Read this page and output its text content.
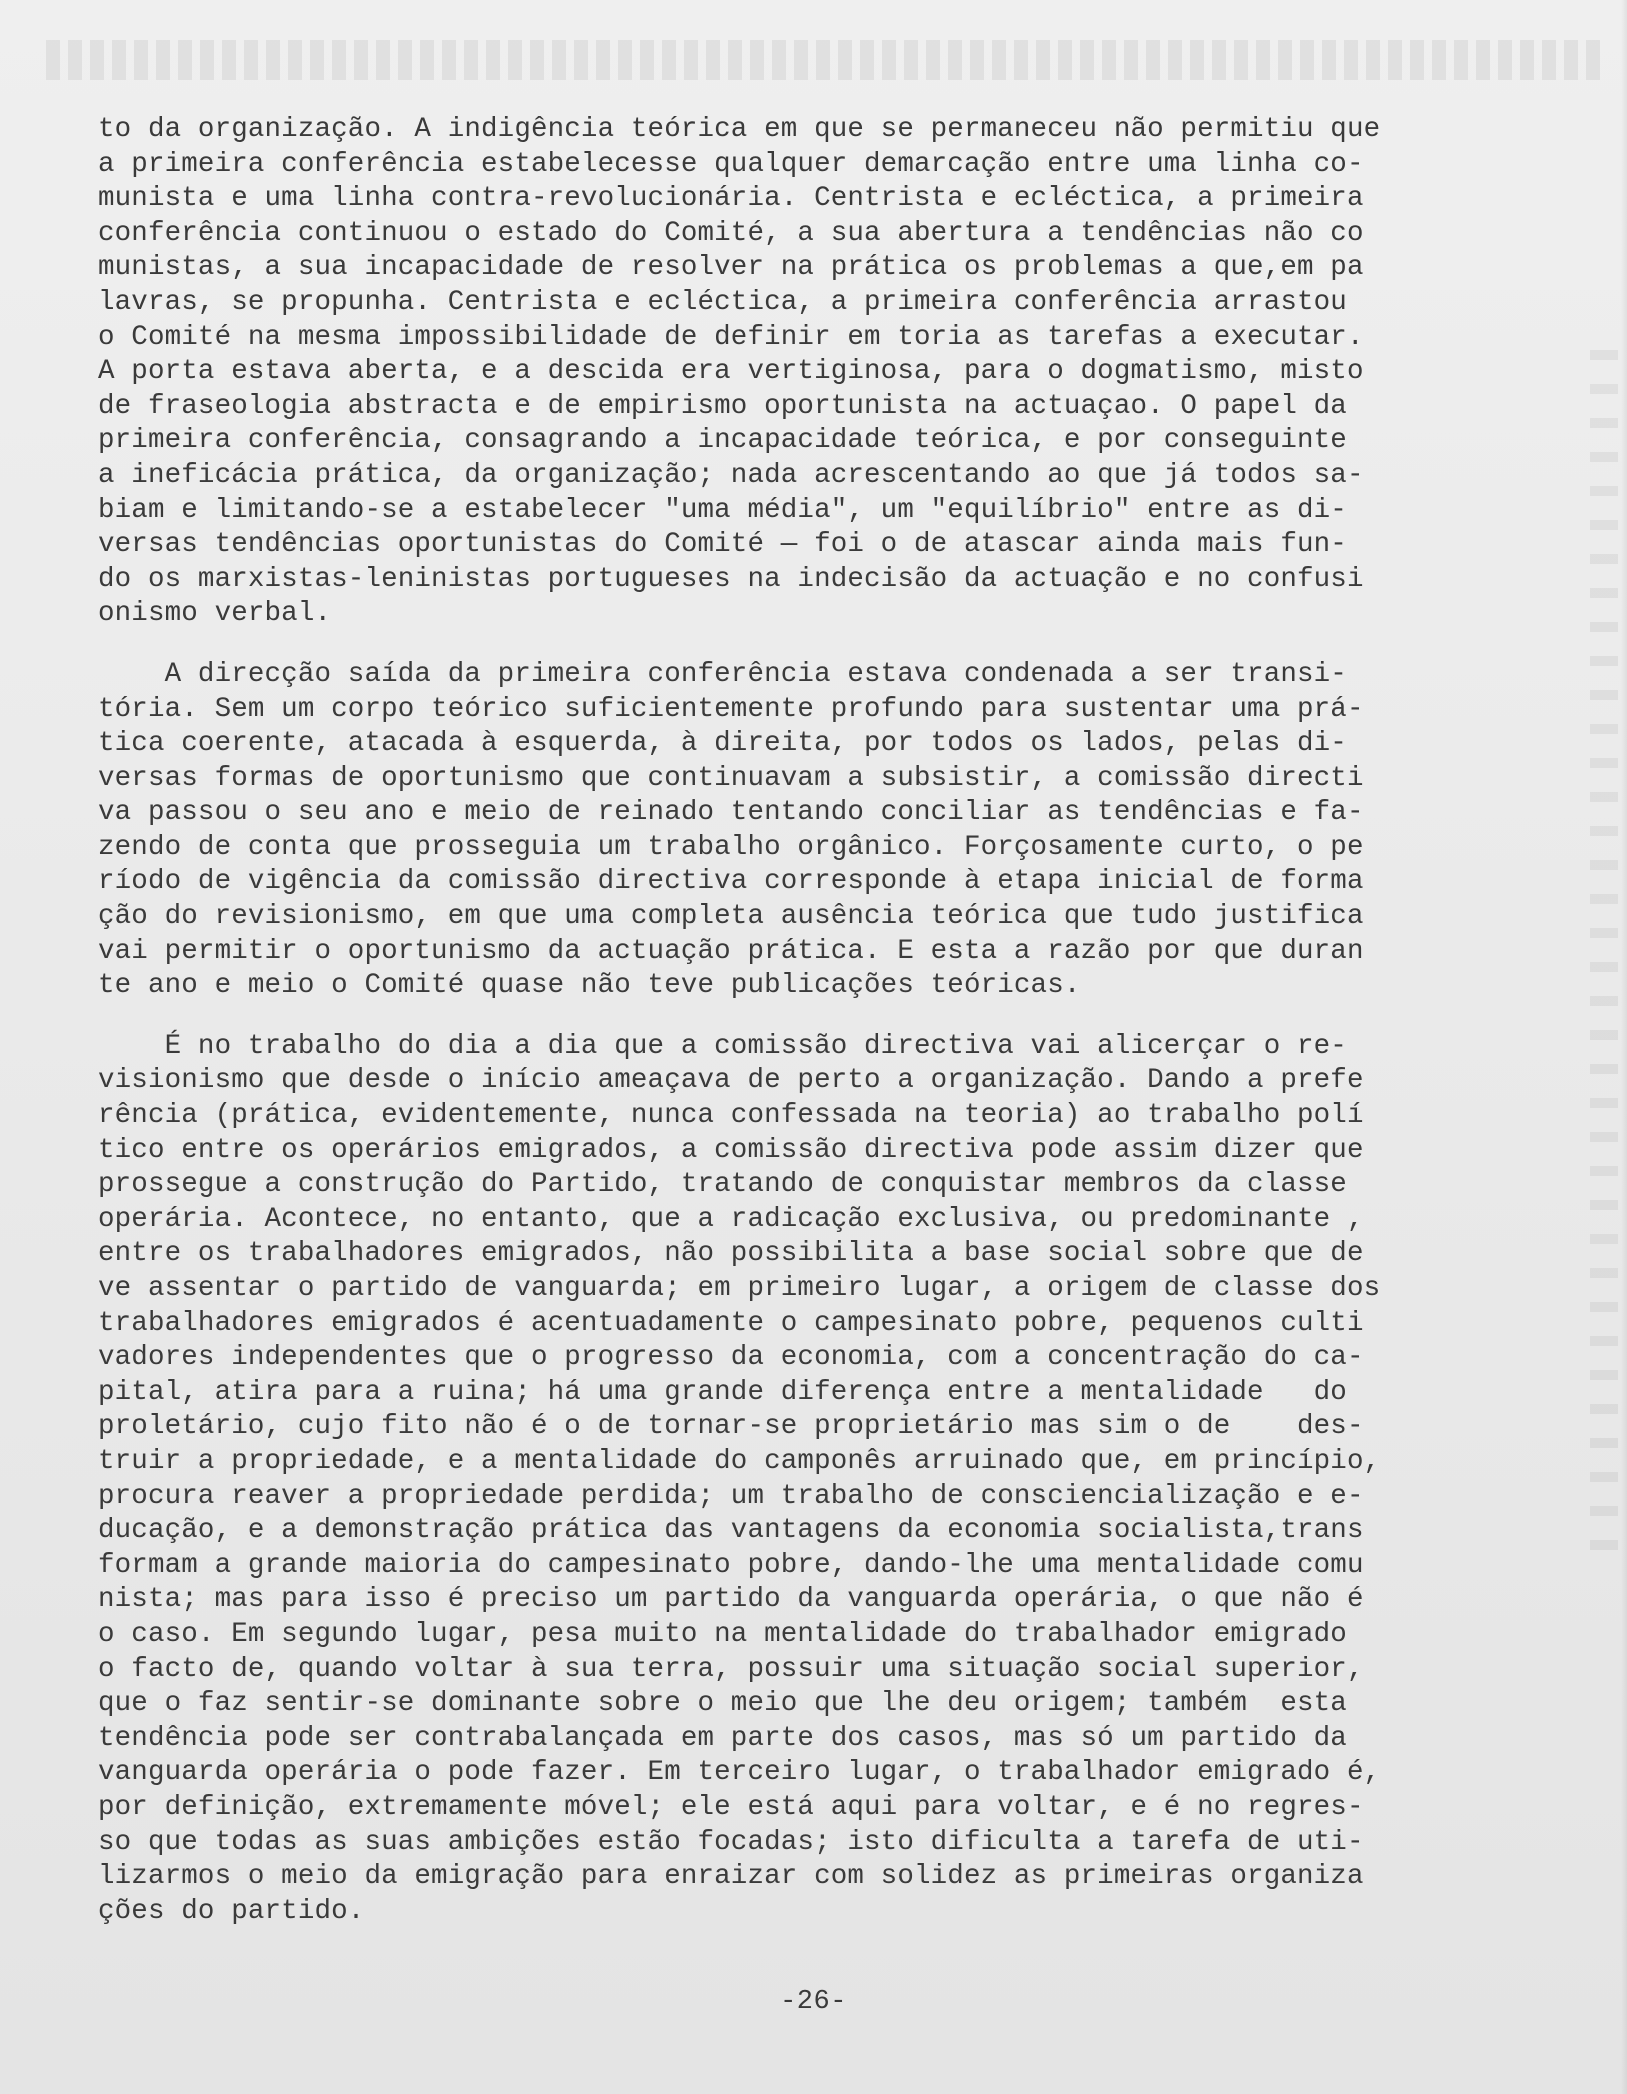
to da organização. A indigência teórica em que se permaneceu não permitiu que
a primeira conferência estabelecesse qualquer demarcação entre uma linha co-
munista e uma linha contra-revolucionária. Centrista e ecléctica, a primeira
conferência continuou o estado do Comité, a sua abertura a tendências não co
munistas, a sua incapacidade de resolver na prática os problemas a que,em pa
lavras, se propunha. Centrista e ecléctica, a primeira conferência arrastou
o Comité na mesma impossibilidade de definir em toria as tarefas a executar.
A porta estava aberta, e a descida era vertiginosa, para o dogmatismo, misto
de fraseologia abstracta e de empirismo oportunista na actuaçao. O papel da
primeira conferência, consagrando a incapacidade teórica, e por conseguinte
a ineficácia prática, da organização; nada acrescentando ao que já todos sa-
biam e limitando-se a estabelecer "uma média", um "equilíbrio" entre as di-
versas tendências oportunistas do Comité — foi o de atascar ainda mais fun-
do os marxistas-leninistas portugueses na indecisão da actuação e no confusi
onismo verbal.
A direcção saída da primeira conferência estava condenada a ser transi-
tória. Sem um corpo teórico suficientemente profundo para sustentar uma prá-
tica coerente, atacada à esquerda, à direita, por todos os lados, pelas di-
versas formas de oportunismo que continuavam a subsistir, a comissão directi
va passou o seu ano e meio de reinado tentando conciliar as tendências e fa-
zendo de conta que prosseguia um trabalho orgânico. Forçosamente curto, o pe
ríodo de vigência da comissão directiva corresponde à etapa inicial de forma
ção do revisionismo, em que uma completa ausência teórica que tudo justifica
vai permitir o oportunismo da actuação prática. E esta a razão por que duran
te ano e meio o Comité quase não teve publicações teóricas.
É no trabalho do dia a dia que a comissão directiva vai alicerçar o re-
visionismo que desde o início ameaçava de perto a organização. Dando a prefe
rência (prática, evidentemente, nunca confessada na teoria) ao trabalho polí
tico entre os operários emigrados, a comissão directiva pode assim dizer que
prossegue a construção do Partido, tratando de conquistar membros da classe
operária. Acontece, no entanto, que a radicação exclusiva, ou predominante ,
entre os trabalhadores emigrados, não possibilita a base social sobre que de
ve assentar o partido de vanguarda; em primeiro lugar, a origem de classe dos
trabalhadores emigrados é acentuadamente o campesinato pobre, pequenos culti
vadores independentes que o progresso da economia, com a concentração do ca-
pital, atira para a ruina; há uma grande diferença entre a mentalidade   do
proletário, cujo fito não é o de tornar-se proprietário mas sim o de    des-
truir a propriedade, e a mentalidade do camponês arruinado que, em princípio,
procura reaver a propriedade perdida; um trabalho de consciencialização e e-
ducação, e a demonstração prática das vantagens da economia socialista,trans
formam a grande maioria do campesinato pobre, dando-lhe uma mentalidade comu
nista; mas para isso é preciso um partido da vanguarda operária, o que não é
o caso. Em segundo lugar, pesa muito na mentalidade do trabalhador emigrado
o facto de, quando voltar à sua terra, possuir uma situação social superior,
que o faz sentir-se dominante sobre o meio que lhe deu origem; também  esta
tendência pode ser contrabalançada em parte dos casos, mas só um partido da
vanguarda operária o pode fazer. Em terceiro lugar, o trabalhador emigrado é,
por definição, extremamente móvel; ele está aqui para voltar, e é no regres-
so que todas as suas ambições estão focadas; isto dificulta a tarefa de uti-
lizarmos o meio da emigração para enraizar com solidez as primeiras organiza
ções do partido.
-26-
